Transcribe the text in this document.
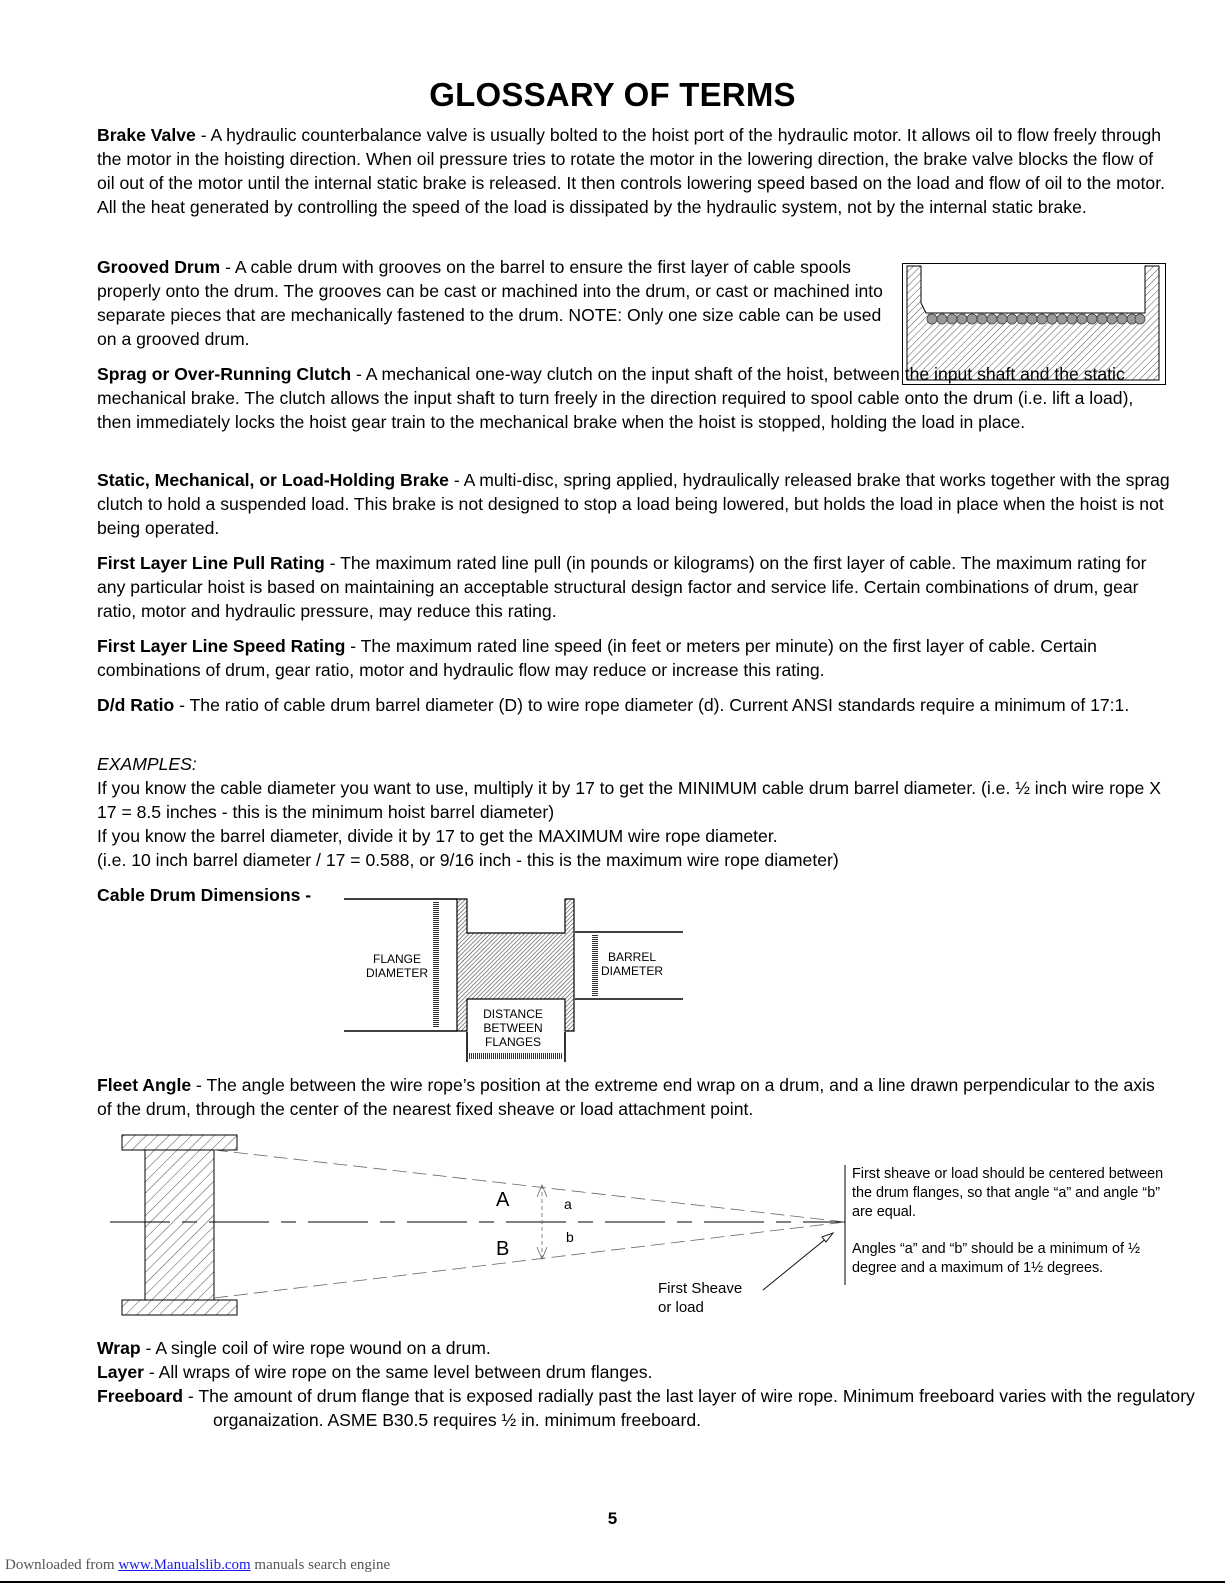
GLOSSARY OF TERMS
Brake Valve - A hydraulic counterbalance valve is usually bolted to the hoist port of the hydraulic motor. It allows oil to flow freely through the motor in the hoisting direction. When oil pressure tries to rotate the motor in the lowering direction, the brake valve blocks the flow of oil out of the motor until the internal static brake is released. It then controls lowering speed based on the load and flow of oil to the motor. All the heat generated by controlling the speed of the load is dissipated by the hydraulic system, not by the internal static brake.
Grooved Drum - A cable drum with grooves on the barrel to ensure the first layer of cable spools properly onto the drum. The grooves can be cast or machined into the drum, or cast or machined into separate pieces that are mechanically fastened to the drum. NOTE: Only one size cable can be used on a grooved drum.
Sprag or Over-Running Clutch - A mechanical one-way clutch on the input shaft of the hoist, between the input shaft and the static mechanical brake. The clutch allows the input shaft to turn freely in the direction required to spool cable onto the drum (i.e. lift a load), then immediately locks the hoist gear train to the mechanical brake when the hoist is stopped, holding the load in place.
Static, Mechanical, or Load-Holding Brake - A multi-disc, spring applied, hydraulically released brake that works together with the sprag clutch to hold a suspended load. This brake is not designed to stop a load being lowered, but holds the load in place when the hoist is not being operated.
First Layer Line Pull Rating - The maximum rated line pull (in pounds or kilograms) on the first layer of cable. The maximum rating for any particular hoist is based on maintaining an acceptable structural design factor and service life. Certain combinations of drum, gear ratio, motor and hydraulic pressure, may reduce this rating.
First Layer Line Speed Rating - The maximum rated line speed (in feet or meters per minute) on the first layer of cable. Certain combinations of drum, gear ratio, motor and hydraulic flow may reduce or increase this rating.
D/d Ratio - The ratio of cable drum barrel diameter (D) to wire rope diameter (d). Current ANSI standards require a minimum of 17:1.
EXAMPLES:
If you know the cable diameter you want to use, multiply it by 17 to get the MINIMUM cable drum barrel diameter. (i.e. ½ inch wire rope X 17 = 8.5 inches - this is the minimum hoist barrel diameter)
If you know the barrel diameter, divide it by 17 to get the MAXIMUM wire rope diameter.
(i.e. 10 inch barrel diameter / 17 = 0.588, or 9/16 inch - this is the maximum wire rope diameter)
Cable Drum Dimensions -
FLANGE
DIAMETER
BARREL
DIAMETER
DISTANCE
BETWEEN
FLANGES
Fleet Angle - The angle between the wire rope’s position at the extreme end wrap on a drum, and a line drawn perpendicular to the axis of the drum, through the center of the nearest fixed sheave or load attachment point.
A
B
a
b
First Sheave
or load
First sheave or load should be centered between the drum flanges, so that angle “a” and angle “b” are equal.
Angles “a” and “b” should be a minimum of ½ degree and a maximum of 1½ degrees.
Wrap - A single coil of wire rope wound on a drum.
Layer - All wraps of wire rope on the same level between drum flanges.
Freeboard - The amount of drum flange that is exposed radially past the last layer of wire rope. Minimum freeboard varies with the regulatory organaization. ASME B30.5 requires ½ in. minimum freeboard.
5
Downloaded from www.Manualslib.com manuals search engine
